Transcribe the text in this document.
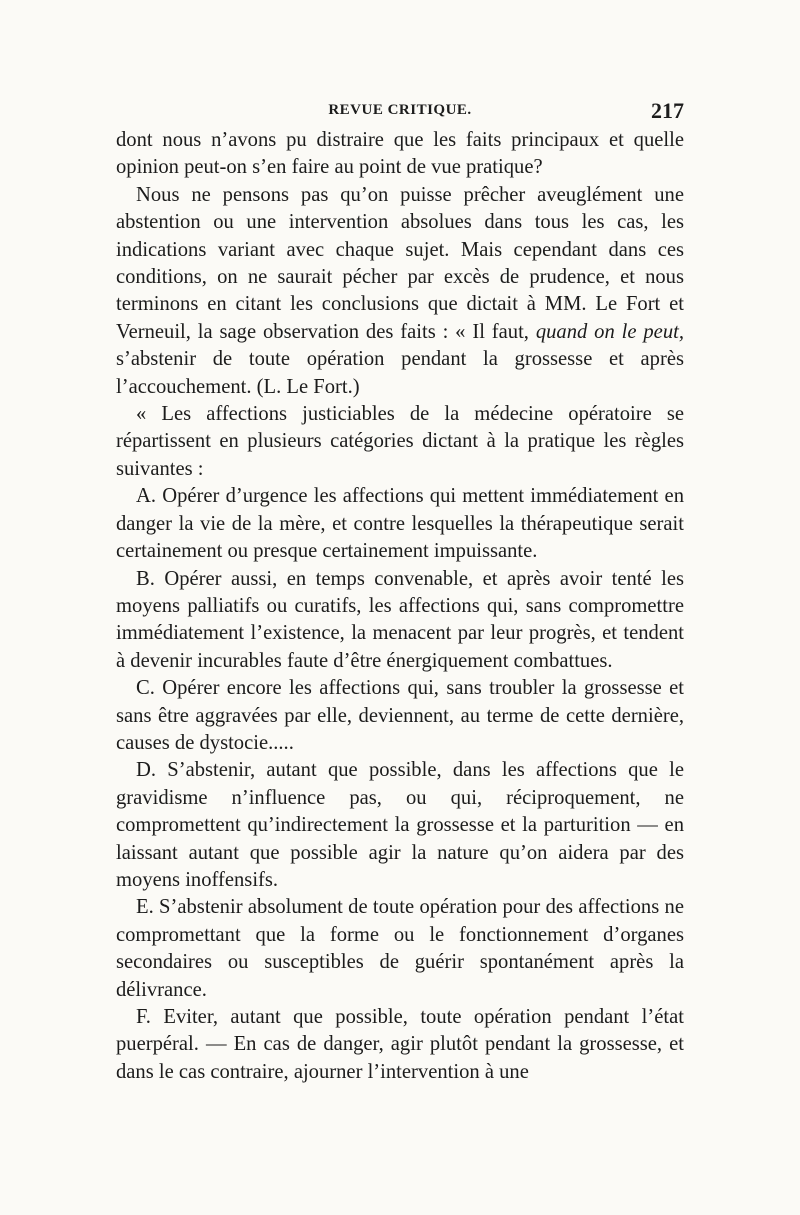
REVUE CRITIQUE.	217

dont nous n’avons pu distraire que les faits principaux et quelle opinion peut-on s’en faire au point de vue pratique?

Nous ne pensons pas qu’on puisse prêcher aveuglément une abstention ou une intervention absolues dans tous les cas, les indications variant avec chaque sujet. Mais cependant dans ces conditions, on ne saurait pécher par excès de prudence, et nous terminons en citant les conclusions que dictait à MM. Le Fort et Verneuil, la sage observation des faits : « Il faut, quand on le peut, s’abstenir de toute opération pendant la grossesse et après l’accouchement. (L. Le Fort.)

« Les affections justiciables de la médecine opératoire se répartissent en plusieurs catégories dictant à la pratique les règles suivantes :

A. Opérer d’urgence les affections qui mettent immédiatement en danger la vie de la mère, et contre lesquelles la thérapeutique serait certainement ou presque certainement impuissante.

B. Opérer aussi, en temps convenable, et après avoir tenté les moyens palliatifs ou curatifs, les affections qui, sans compromettre immédiatement l’existence, la menacent par leur progrès, et tendent à devenir incurables faute d’être énergiquement combattues.

C. Opérer encore les affections qui, sans troubler la grossesse et sans être aggravées par elle, deviennent, au terme de cette dernière, causes de dystocie.....

D. S’abstenir, autant que possible, dans les affections que le gravidisme n’influence pas, ou qui, réciproquement, ne compromettent qu’indirectement la grossesse et la parturition — en laissant autant que possible agir la nature qu’on aidera par des moyens inoffensifs.

E. S’abstenir absolument de toute opération pour des affections ne compromettant que la forme ou le fonctionnement d’organes secondaires ou susceptibles de guérir spontanément après la délivrance.

F. Eviter, autant que possible, toute opération pendant l’état puerpéral. — En cas de danger, agir plutôt pendant la grossesse, et dans le cas contraire, ajourner l’intervention à une
